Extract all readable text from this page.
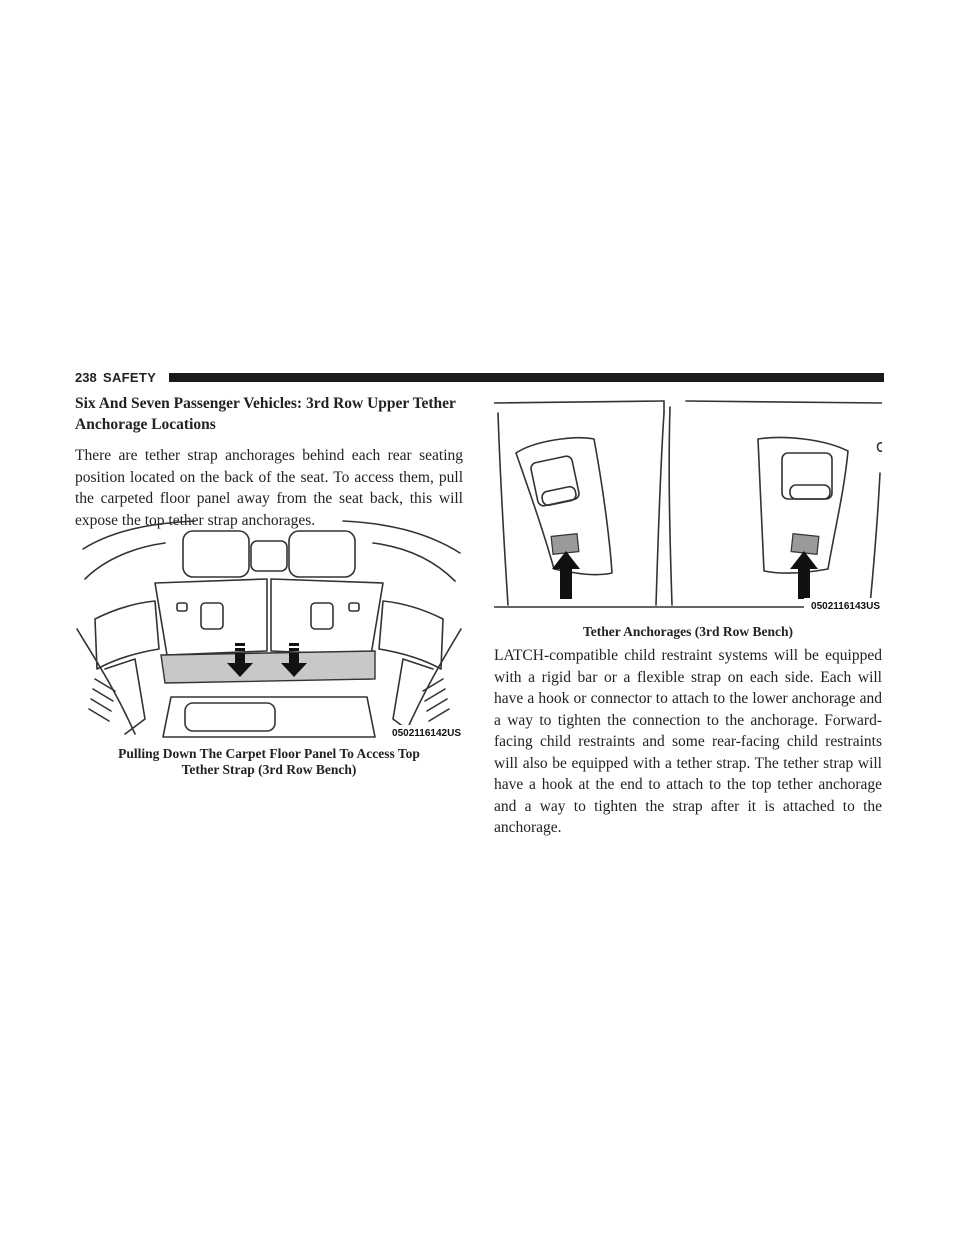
238 SAFETY
Six And Seven Passenger Vehicles: 3rd Row Upper Tether Anchorage Locations

There are tether strap anchorages behind each rear seating position located on the back of the seat. To access them, pull the carpeted floor panel away from the seat back, this will expose the top tether strap anchorages.

0502116142US
Pulling Down The Carpet Floor Panel To Access Top
Tether Strap (3rd Row Bench)
0502116143US
Tether Anchorages (3rd Row Bench)

LATCH-compatible child restraint systems will be equipped with a rigid bar or a flexible strap on each side. Each will have a hook or connector to attach to the lower anchorage and a way to tighten the connection to the anchorage. Forward-facing child restraints and some rear-facing child restraints will also be equipped with a tether strap. The tether strap will have a hook at the end to attach to the top tether anchorage and a way to tighten the strap after it is attached to the anchorage.
